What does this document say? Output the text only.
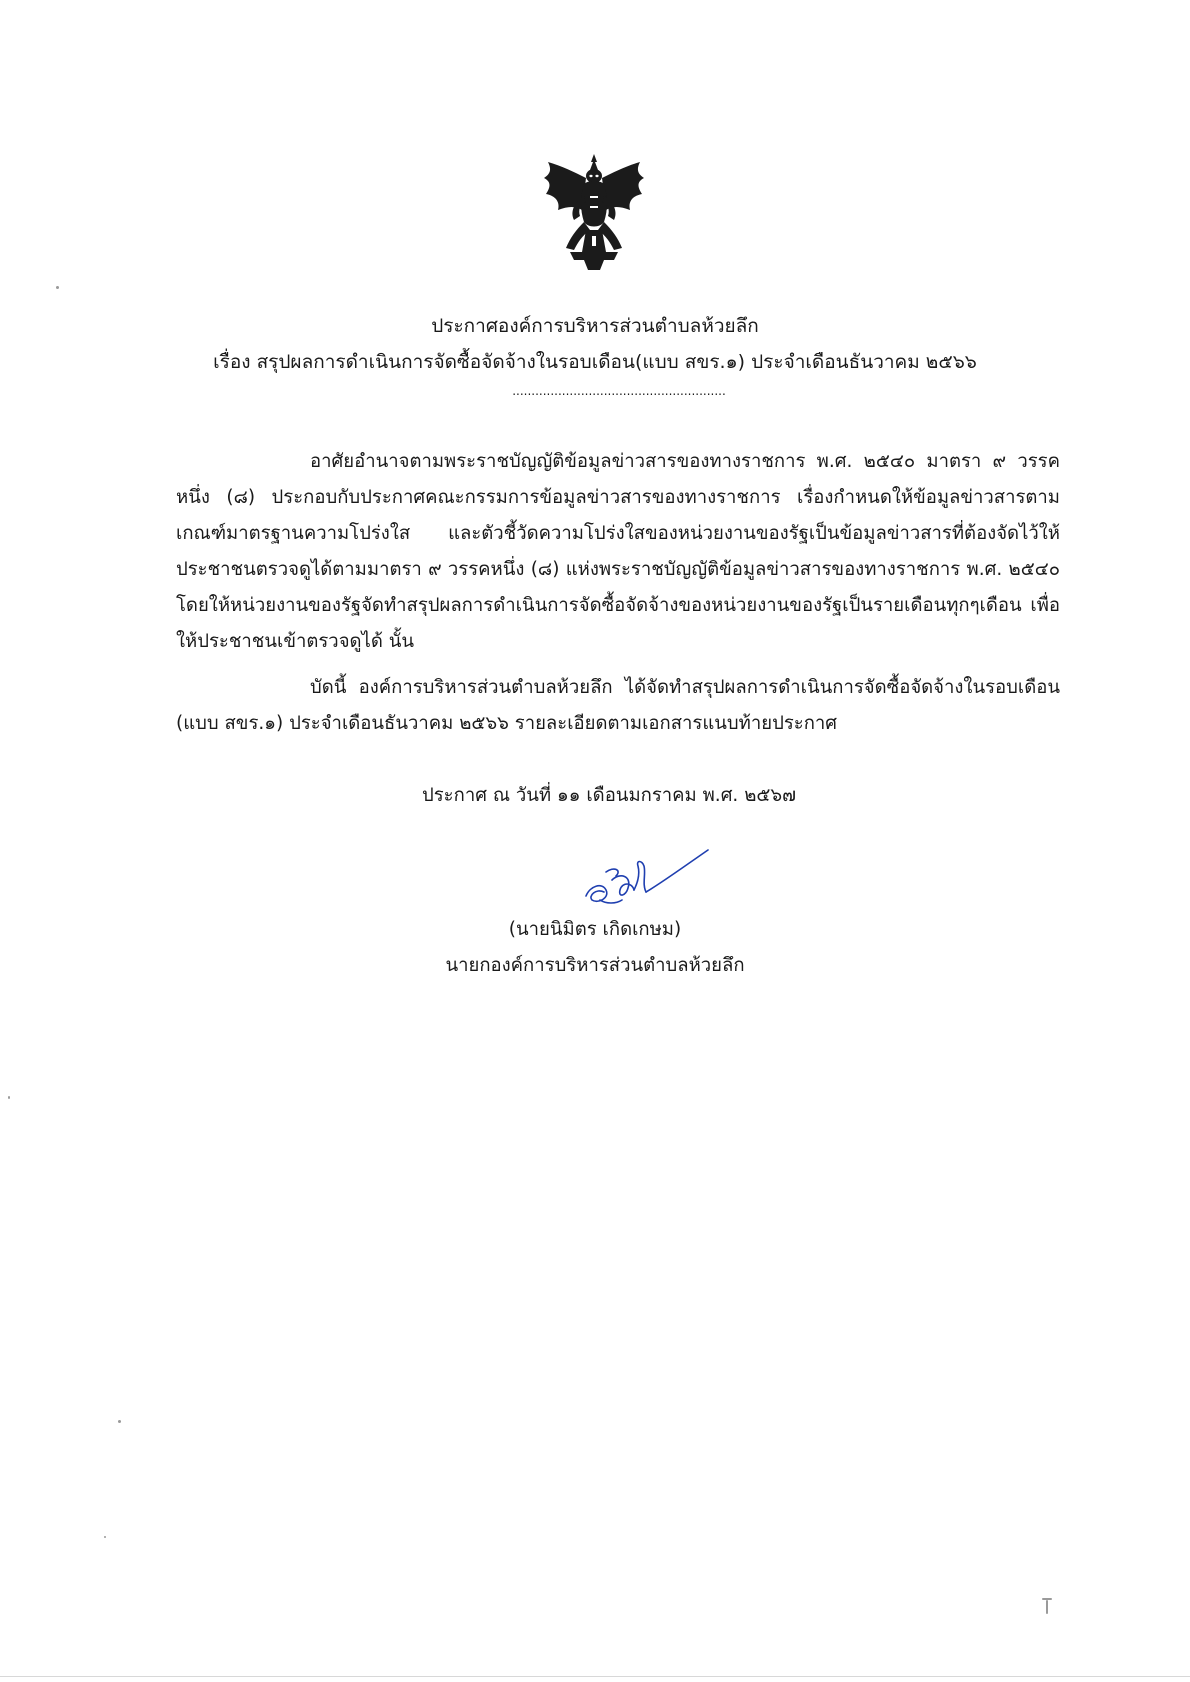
ประกาศองค์การบริหารส่วนตำบลห้วยลึก
เรื่อง สรุปผลการดำเนินการจัดซื้อจัดจ้างในรอบเดือน(แบบ สขร.๑) ประจำเดือนธันวาคม ๒๕๖๖
........................................................
อาศัยอำนาจตามพระราชบัญญัติข้อมูลข่าวสารของทางราชการ พ.ศ. ๒๕๔๐ มาตรา ๙ วรรคหนึ่ง (๘) ประกอบกับประกาศคณะกรรมการข้อมูลข่าวสารของทางราชการ เรื่องกำหนดให้ข้อมูลข่าวสารตามเกณฑ์มาตรฐานความโปร่งใส และตัวชี้วัดความโปร่งใสของหน่วยงานของรัฐเป็นข้อมูลข่าวสารที่ต้องจัดไว้ให้ประชาชนตรวจดูได้ตามมาตรา ๙ วรรคหนึ่ง (๘) แห่งพระราชบัญญัติข้อมูลข่าวสารของทางราชการ พ.ศ. ๒๕๔๐ โดยให้หน่วยงานของรัฐจัดทำสรุปผลการดำเนินการจัดซื้อจัดจ้างของหน่วยงานของรัฐเป็นรายเดือนทุกๆเดือน เพื่อให้ประชาชนเข้าตรวจดูได้ นั้น
บัดนี้ องค์การบริหารส่วนตำบลห้วยลึก ได้จัดทำสรุปผลการดำเนินการจัดซื้อจัดจ้างในรอบเดือน (แบบ สขร.๑) ประจำเดือนธันวาคม ๒๕๖๖ รายละเอียดตามเอกสารแนบท้ายประกาศ
ประกาศ ณ วันที่ ๑๑ เดือนมกราคม พ.ศ. ๒๕๖๗
(นายนิมิตร เกิดเกษม)
นายกองค์การบริหารส่วนตำบลห้วยลึก
